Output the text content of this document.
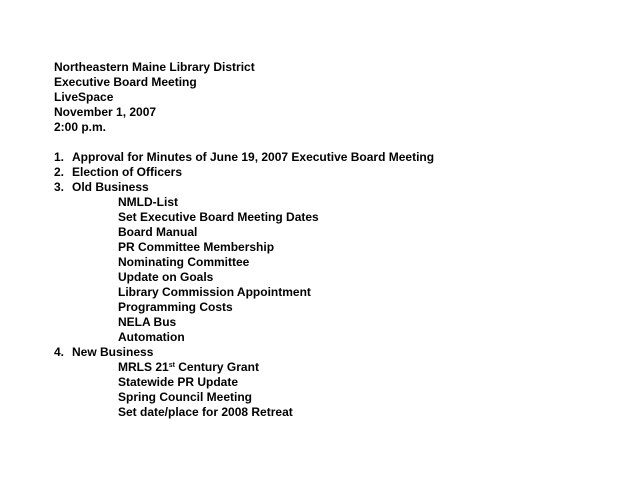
Northeastern Maine Library District
Executive Board Meeting
LiveSpace
November 1, 2007
2:00 p.m.
1. Approval for Minutes of June 19, 2007 Executive Board Meeting
2. Election of Officers
3. Old Business
NMLD-List
Set Executive Board Meeting Dates
Board Manual
PR Committee Membership
Nominating Committee
Update on Goals
Library Commission Appointment
Programming Costs
NELA Bus
Automation
4. New Business
MRLS 21st Century Grant
Statewide PR Update
Spring Council Meeting
Set date/place for 2008 Retreat
